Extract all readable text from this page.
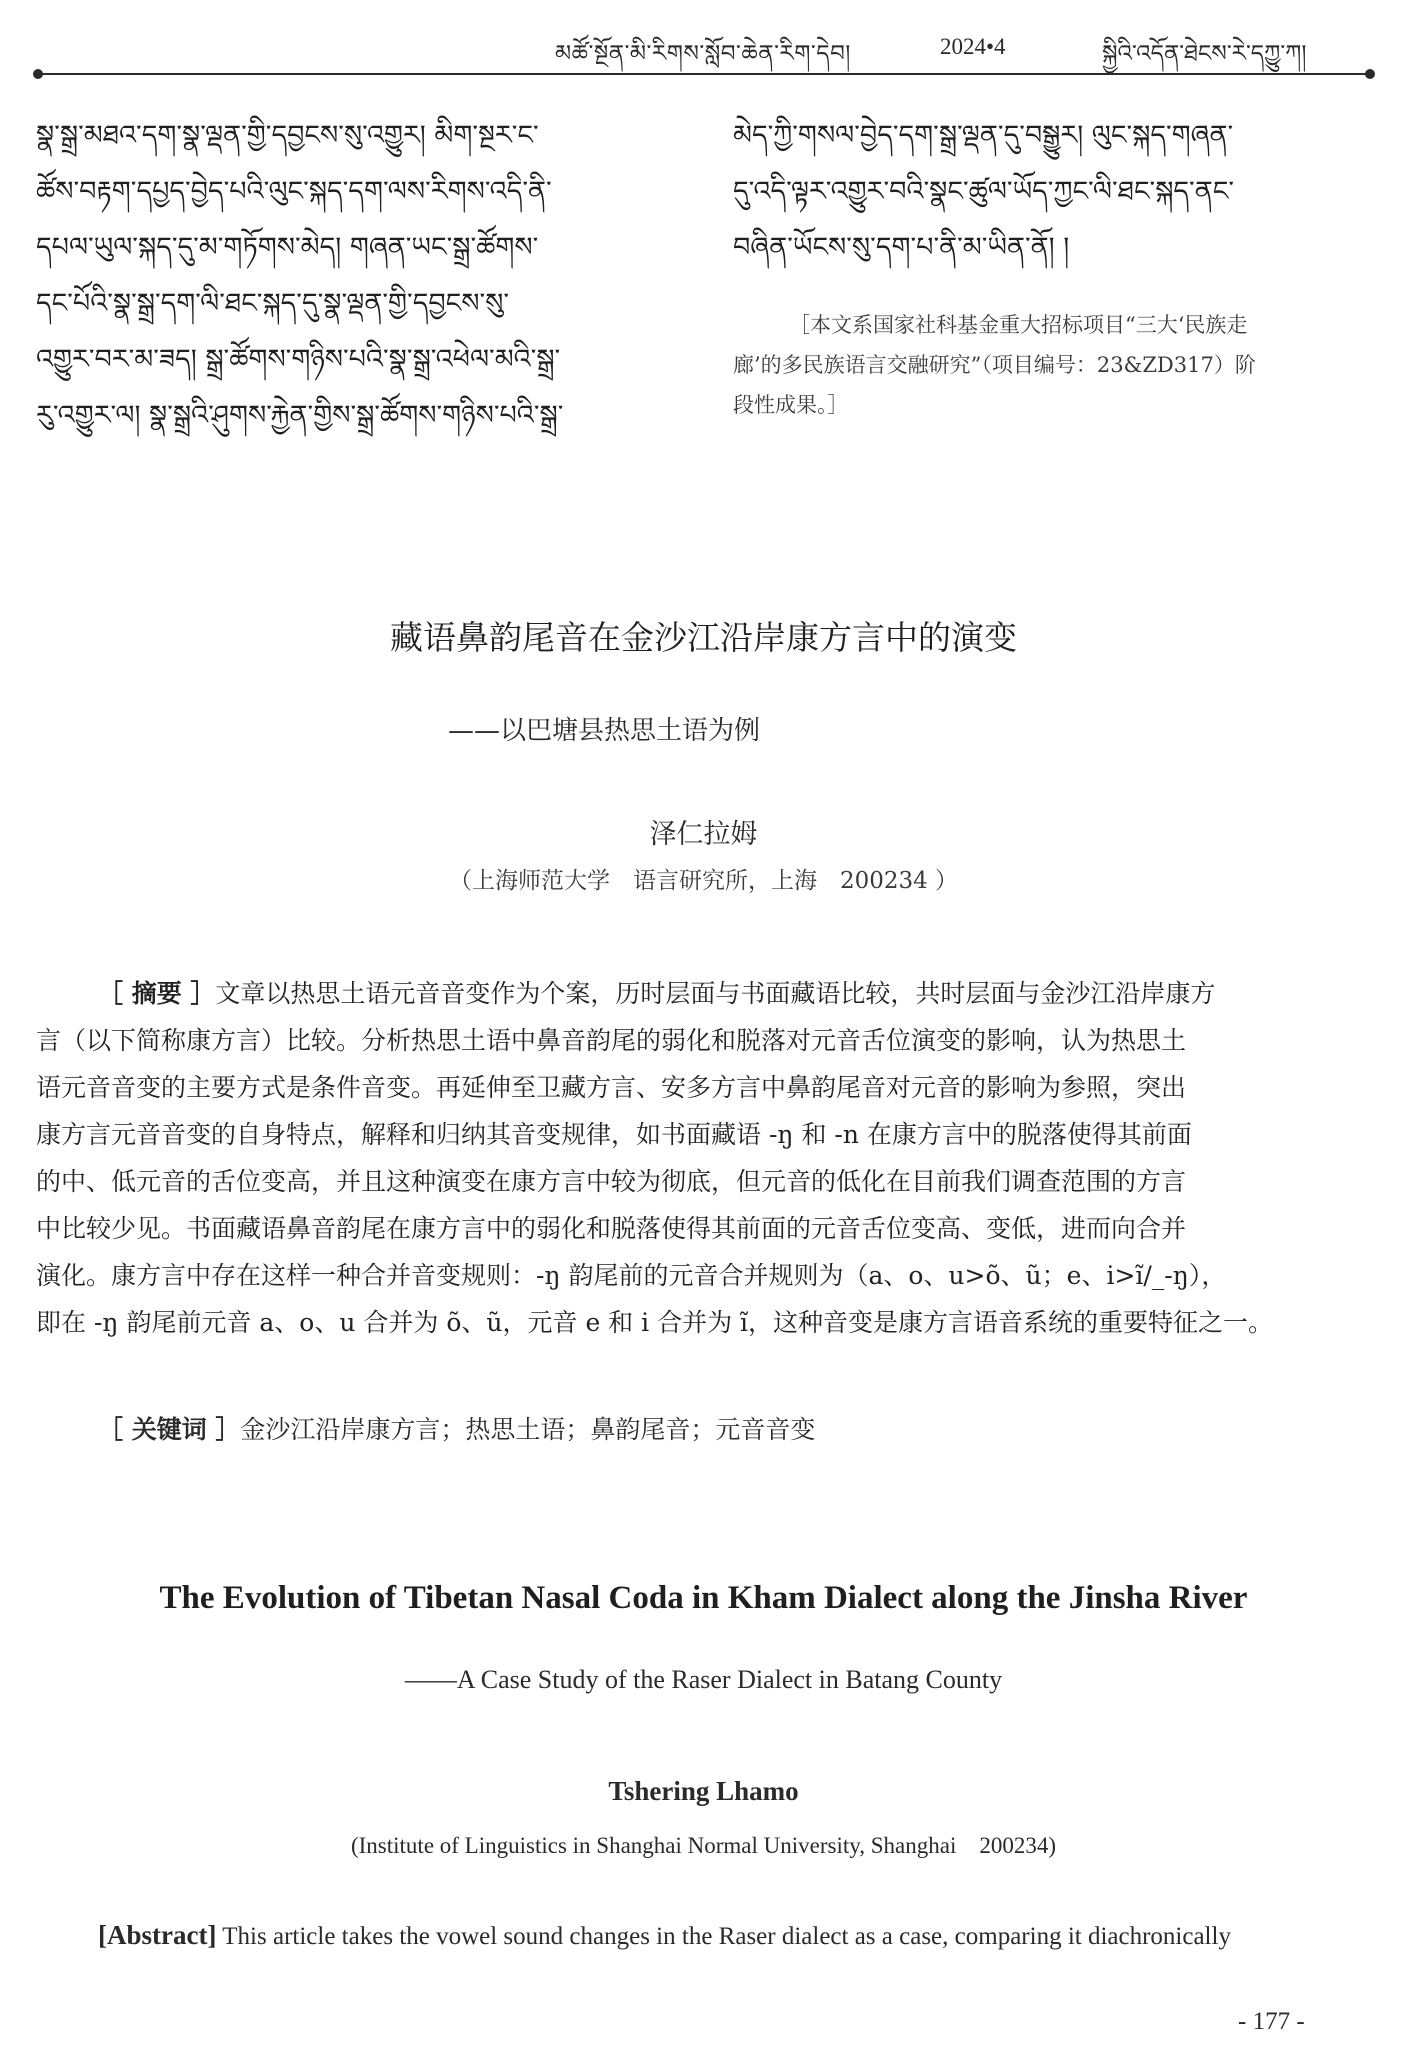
མཚོ་སྔོན་མི་རིགས་སློབ་ཆེན་རིག་དེབ།	2024•4	སྐྱིའི་འདོན་ཐེངས་རེ་དཀྱུ་ཀ།
སྣ་སྒྲ་མཐའ་དག་སྣ་ལྡན་གྱི་དབྱངས་སུ་འགྱུར། མིག་སྔར་ང་
ཚོས་བརྟག་དཔྱད་བྱེད་པའི་ལུང་སྐད་དག་ལས་རིགས་འདི་ནི་
དཔལ་ཡུལ་སྐད་དུ་མ་གཏོགས་མེད། གཞན་ཡང་སྒྲ་ཚོགས་
དང་པོའི་སྣ་སྒྲ་དག་ལི་ཐང་སྐད་དུ་སྣ་ལྡན་གྱི་དབྱངས་སུ་
འགྱུར་བར་མ་ཟད། སྒྲ་ཚོགས་གཉིས་པའི་སྣ་སྒྲ་འཕེལ་མའི་སྒྲ་
རུ་འགྱུར་ལ། སྣ་སྒྲའི་ཤུགས་རྐྱེན་གྱིས་སྒྲ་ཚོགས་གཉིས་པའི་སྒྲ་
མེད་ཀྱི་གསལ་བྱེད་དག་སྒྲ་ལྡན་དུ་བསྒྱུར། ལུང་སྐད་གཞན་
དུ་འདི་ལྟར་འགྱུར་བའི་སྣང་ཚུལ་ཡོད་ཀྱང་ལི་ཐང་སྐད་ནང་
བཞིན་ཡོངས་སུ་དག་པ་ནི་མ་ཡིན་ནོ། །
［本文系国家社科基金重大招标项目“三大‘民族走
廊’的多民族语言交融研究”（项目编号：23&ZD317）阶
段性成果。］
藏语鼻韵尾音在金沙江沿岸康方言中的演变
——以巴塘县热思土语为例
泽仁拉姆
（上海师范大学　语言研究所，上海　200234 ）
［ 摘要 ］文章以热思土语元音音变作为个案，历时层面与书面藏语比较，共时层面与金沙江沿岸康方
言（以下简称康方言）比较。分析热思土语中鼻音韵尾的弱化和脱落对元音舌位演变的影响，认为热思土
语元音音变的主要方式是条件音变。再延伸至卫藏方言、安多方言中鼻韵尾音对元音的影响为参照，突出
康方言元音音变的自身特点，解释和归纳其音变规律，如书面藏语 -ŋ 和 -n 在康方言中的脱落使得其前面
的中、低元音的舌位变高，并且这种演变在康方言中较为彻底，但元音的低化在目前我们调查范围的方言
中比较少见。书面藏语鼻音韵尾在康方言中的弱化和脱落使得其前面的元音舌位变高、变低，进而向合并
演化。康方言中存在这样一种合并音变规则：-ŋ 韵尾前的元音合并规则为（a、o、u>õ、ũ；e、i>ĩ/_-ŋ），
即在 -ŋ 韵尾前元音 a、o、u 合并为 õ、ũ，元音 e 和 i 合并为 ĩ，这种音变是康方言语音系统的重要特征之一。
［ 关键词 ］金沙江沿岸康方言；热思土语；鼻韵尾音；元音音变
The Evolution of Tibetan Nasal Coda in Kham Dialect along the Jinsha River
——A Case Study of the Raser Dialect in Batang County
Tshering Lhamo
(Institute of Linguistics in Shanghai Normal University, Shanghai　200234)
[Abstract] This article takes the vowel sound changes in the Raser dialect as a case, comparing it diachronically
- 177 -
